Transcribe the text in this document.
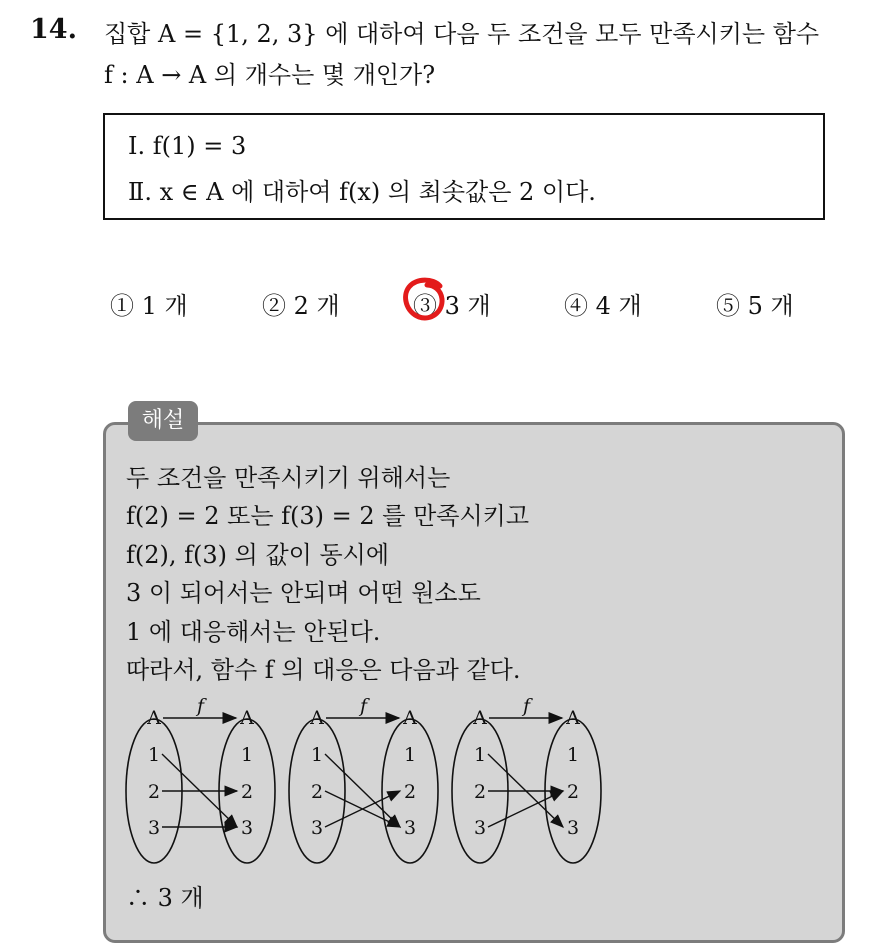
14. 집합 A = {1, 2, 3} 에 대하여 다음 두 조건을 모두 만족시키는 함수
f : A → A 의 개수는 몇 개인가?
Ⅰ. f(1) = 3
Ⅱ. x ∈ A 에 대하여 f(x) 의 최솟값은 2 이다.
① 1 개	② 2 개	③ 3 개	④ 4 개	⑤ 5 개
해설
두 조건을 만족시키기 위해서는
f(2) = 2 또는 f(3) = 2 를 만족시키고
f(2), f(3) 의 값이 동시에
3 이 되어서는 안되며 어떤 원소도
1 에 대응해서는 안된다.
따라서, 함수 f 의 대응은 다음과 같다.
A	A
f
1	1
2	2
3	3
A	A
f
1	1
2	2
3	3
A	A
f
1	1
2	2
3	3
∴ 3 개
